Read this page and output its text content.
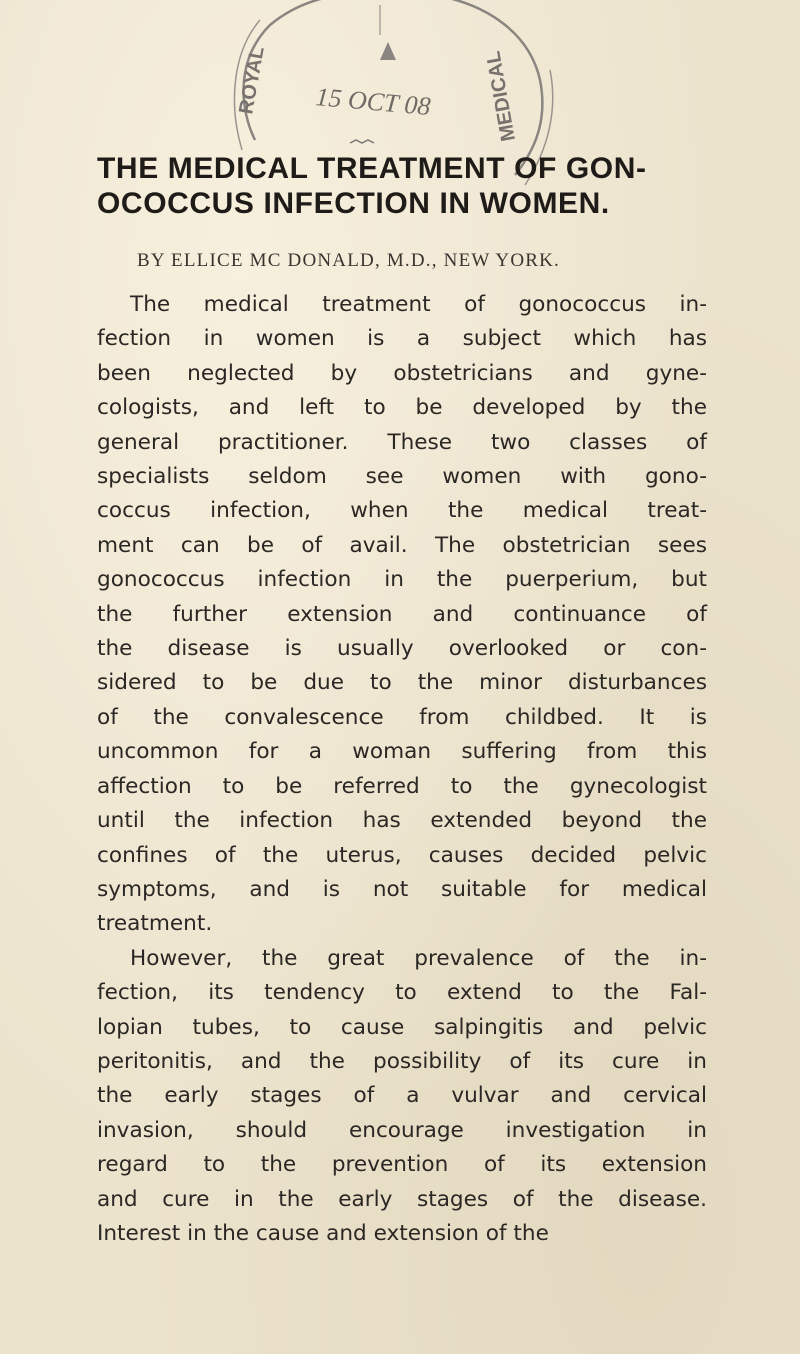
ROYAL 15 OCT 08	MEDICAL
THE MEDICAL TREATMENT OF GON-
OCOCCUS INFECTION IN WOMEN.
BY ELLICE MC DONALD, M.D., NEW YORK.

The medical treatment of gonococcus in-
fection in women is a subject which has
been neglected by obstetricians and gyne-
cologists, and left to be developed by the
general practitioner. These two classes of
specialists seldom see women with gono-
coccus infection, when the medical treat-
ment can be of avail. The obstetrician sees
gonococcus infection in the puerperium, but
the further extension and continuance of
the disease is usually overlooked or con-
sidered to be due to the minor disturbances
of the convalescence from childbed. It is
uncommon for a woman suffering from this
affection to be referred to the gynecologist
until the infection has extended beyond the
confines of the uterus, causes decided pelvic
symptoms, and is not suitable for medical
treatment.

However, the great prevalence of the in-
fection, its tendency to extend to the Fal-
lopian tubes, to cause salpingitis and pelvic
peritonitis, and the possibility of its cure in
the early stages of a vulvar and cervical
invasion, should encourage investigation in
regard to the prevention of its extension
and cure in the early stages of the disease.
Interest in the cause and extension of the
